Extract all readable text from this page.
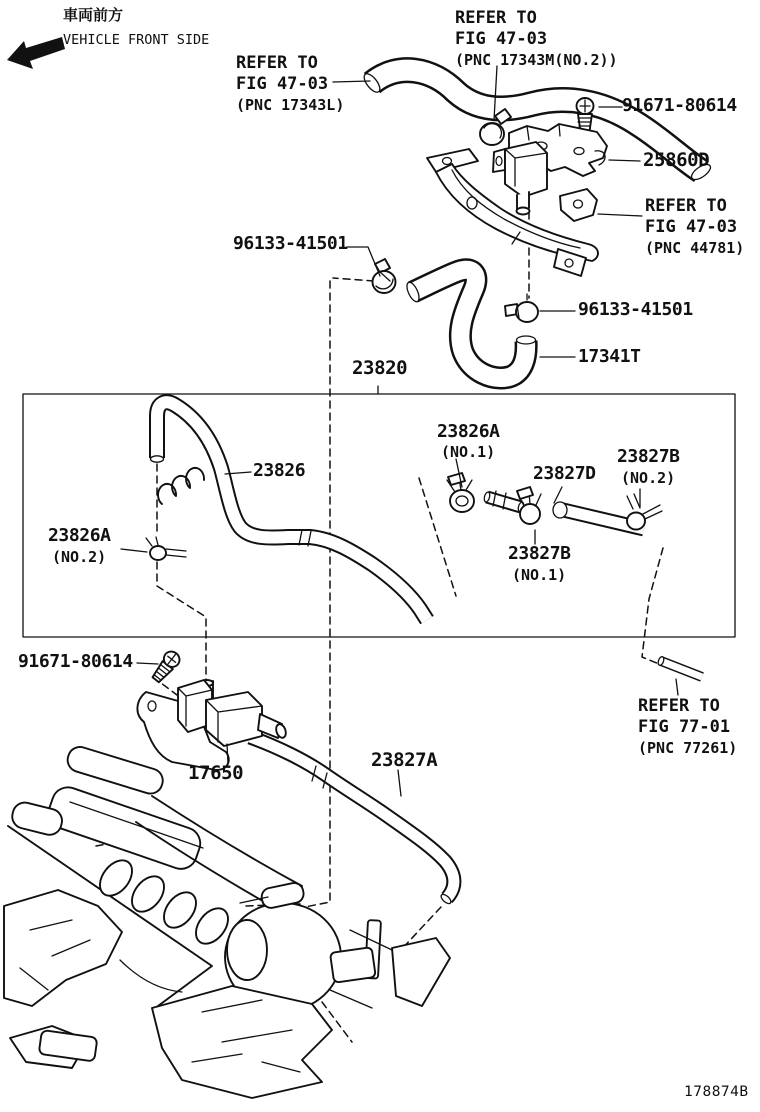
車両前方
VEHICLE FRONT SIDE
REFER TO
FIG 47-03
(PNC 17343L)
REFER TO
FIG 47-03
(PNC 17343M(NO.2))
REFER TO
FIG 47-03
(PNC 44781)
REFER TO
FIG 77-01
(PNC 77261)
91671-80614
25860D
96133-41501
96133-41501
17341T
23820
23826
23826A
(NO.1)
23827D
23827B
(NO.2)
23826A
(NO.2)	23827B
(NO.1)
91671-80614
17650
23827A
178874B
